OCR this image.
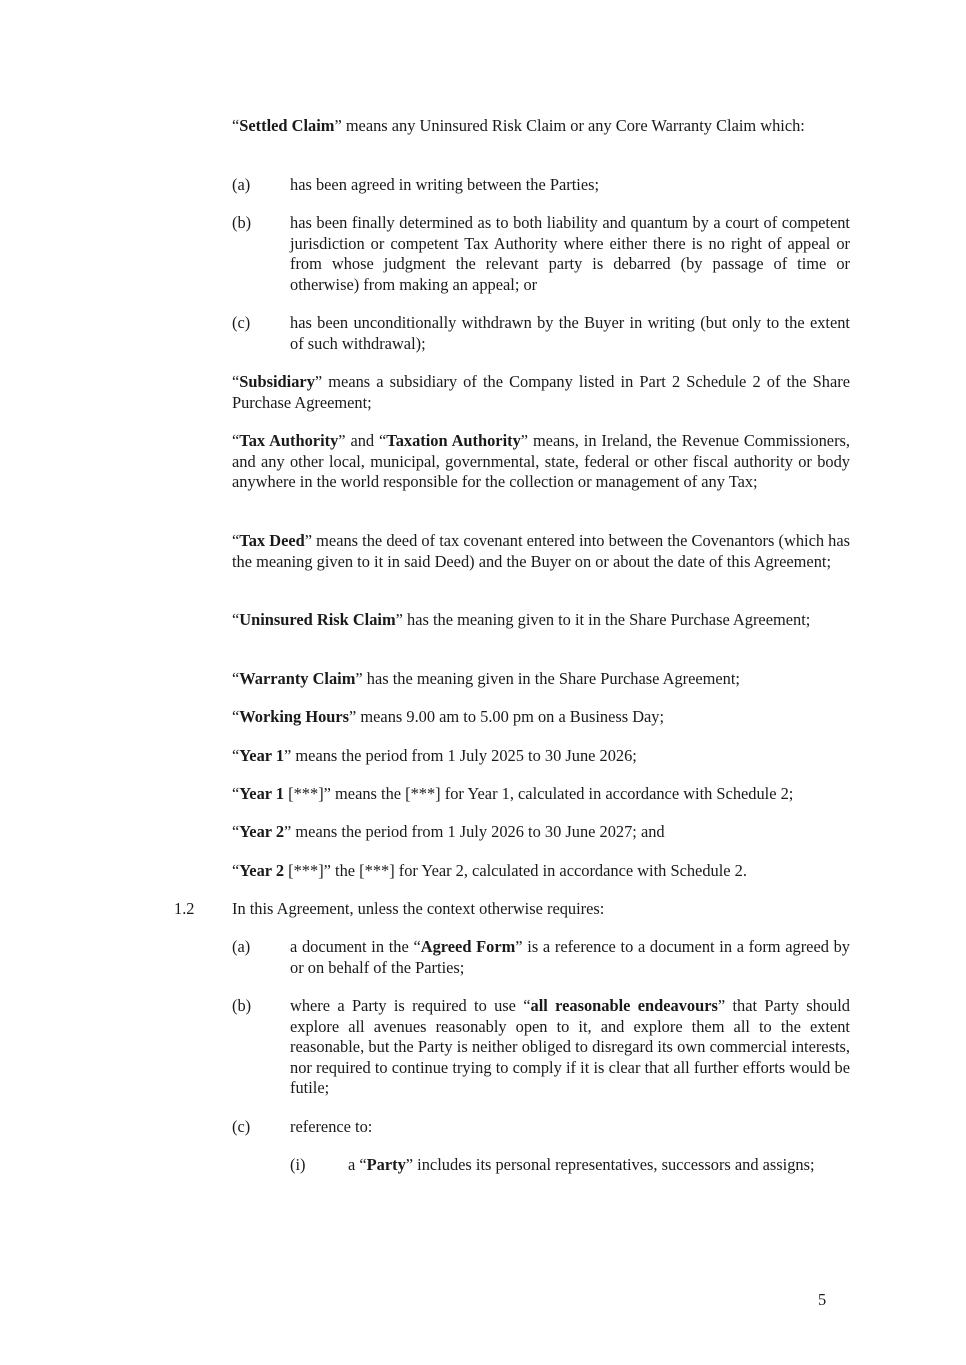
“Settled Claim” means any Uninsured Risk Claim or any Core Warranty Claim which:

(a) has been agreed in writing between the Parties;

(b) has been finally determined as to both liability and quantum by a court of competent jurisdiction or competent Tax Authority where either there is no right of appeal or from whose judgment the relevant party is debarred (by passage of time or otherwise) from making an appeal; or

(c) has been unconditionally withdrawn by the Buyer in writing (but only to the extent of such withdrawal);

“Subsidiary” means a subsidiary of the Company listed in Part 2 Schedule 2 of the Share Purchase Agreement;

“Tax Authority” and “Taxation Authority” means, in Ireland, the Revenue Commissioners, and any other local, municipal, governmental, state, federal or other fiscal authority or body anywhere in the world responsible for the collection or management of any Tax;

“Tax Deed” means the deed of tax covenant entered into between the Covenantors (which has the meaning given to it in said Deed) and the Buyer on or about the date of this Agreement;

“Uninsured Risk Claim” has the meaning given to it in the Share Purchase Agreement;

“Warranty Claim” has the meaning given in the Share Purchase Agreement;

“Working Hours” means 9.00 am to 5.00 pm on a Business Day;

“Year 1” means the period from 1 July 2025 to 30 June 2026;

“Year 1 [***]” means the [***] for Year 1, calculated in accordance with Schedule 2;

“Year 2” means the period from 1 July 2026 to 30 June 2027; and

“Year 2 [***]” the [***] for Year 2, calculated in accordance with Schedule 2.

1.2 In this Agreement, unless the context otherwise requires:

(a) a document in the “Agreed Form” is a reference to a document in a form agreed by or on behalf of the Parties;

(b) where a Party is required to use “all reasonable endeavours” that Party should explore all avenues reasonably open to it, and explore them all to the extent reasonable, but the Party is neither obliged to disregard its own commercial interests, nor required to continue trying to comply if it is clear that all further efforts would be futile;

(c) reference to:

(i)	a “Party” includes its personal representatives, successors and assigns;

5
